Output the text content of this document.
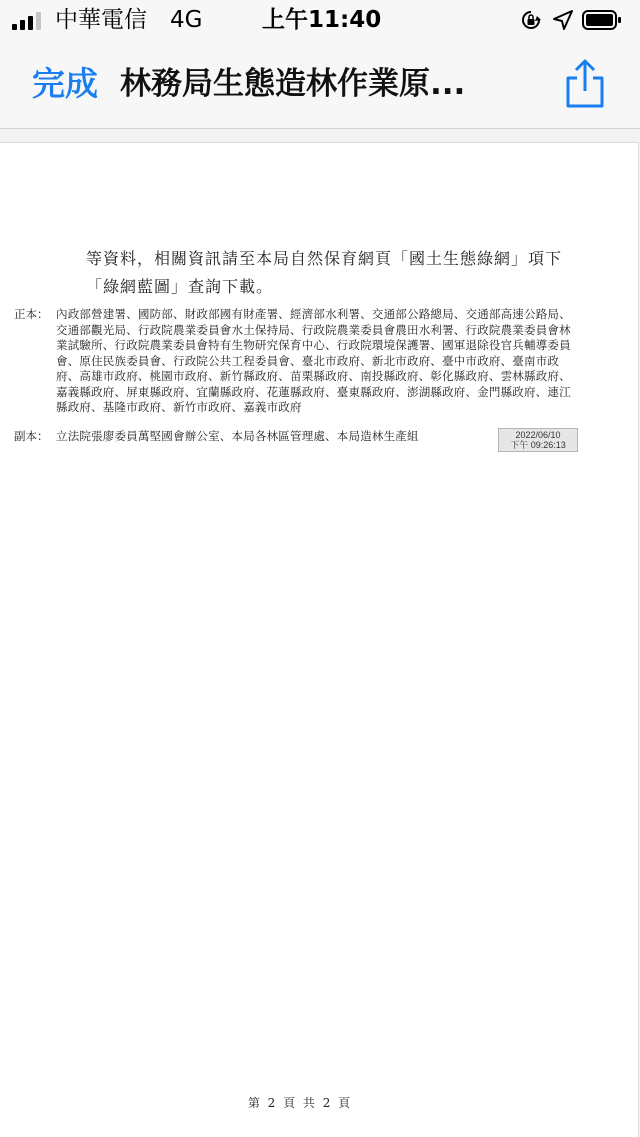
中華電信 4G	上午11:40
完成 林務局生態造林作業原...
等資料，相關資訊請至本局自然保育網頁「國土生態綠網」項下「綠網藍圖」查詢下載。
正本： 內政部營建署、國防部、財政部國有財產署、經濟部水利署、交通部公路總局、交通部高速公路局、交通部觀光局、行政院農業委員會水土保持局、行政院農業委員會農田水利署、行政院農業委員會林業試驗所、行政院農業委員會特有生物研究保育中心、行政院環境保護署、國軍退除役官兵輔導委員會、原住民族委員會、行政院公共工程委員會、臺北市政府、新北市政府、臺中市政府、臺南市政府、高雄市政府、桃園市政府、新竹縣政府、苗栗縣政府、南投縣政府、彰化縣政府、雲林縣政府、嘉義縣政府、屏東縣政府、宜蘭縣政府、花蓮縣政府、臺東縣政府、澎湖縣政府、金門縣政府、連江縣政府、基隆市政府、新竹市政府、嘉義市政府
副本： 立法院張廖委員萬堅國會辦公室、本局各林區管理處、本局造林生產組	2022/06/10
下午 09:26:13
第 2 頁 共 2 頁
